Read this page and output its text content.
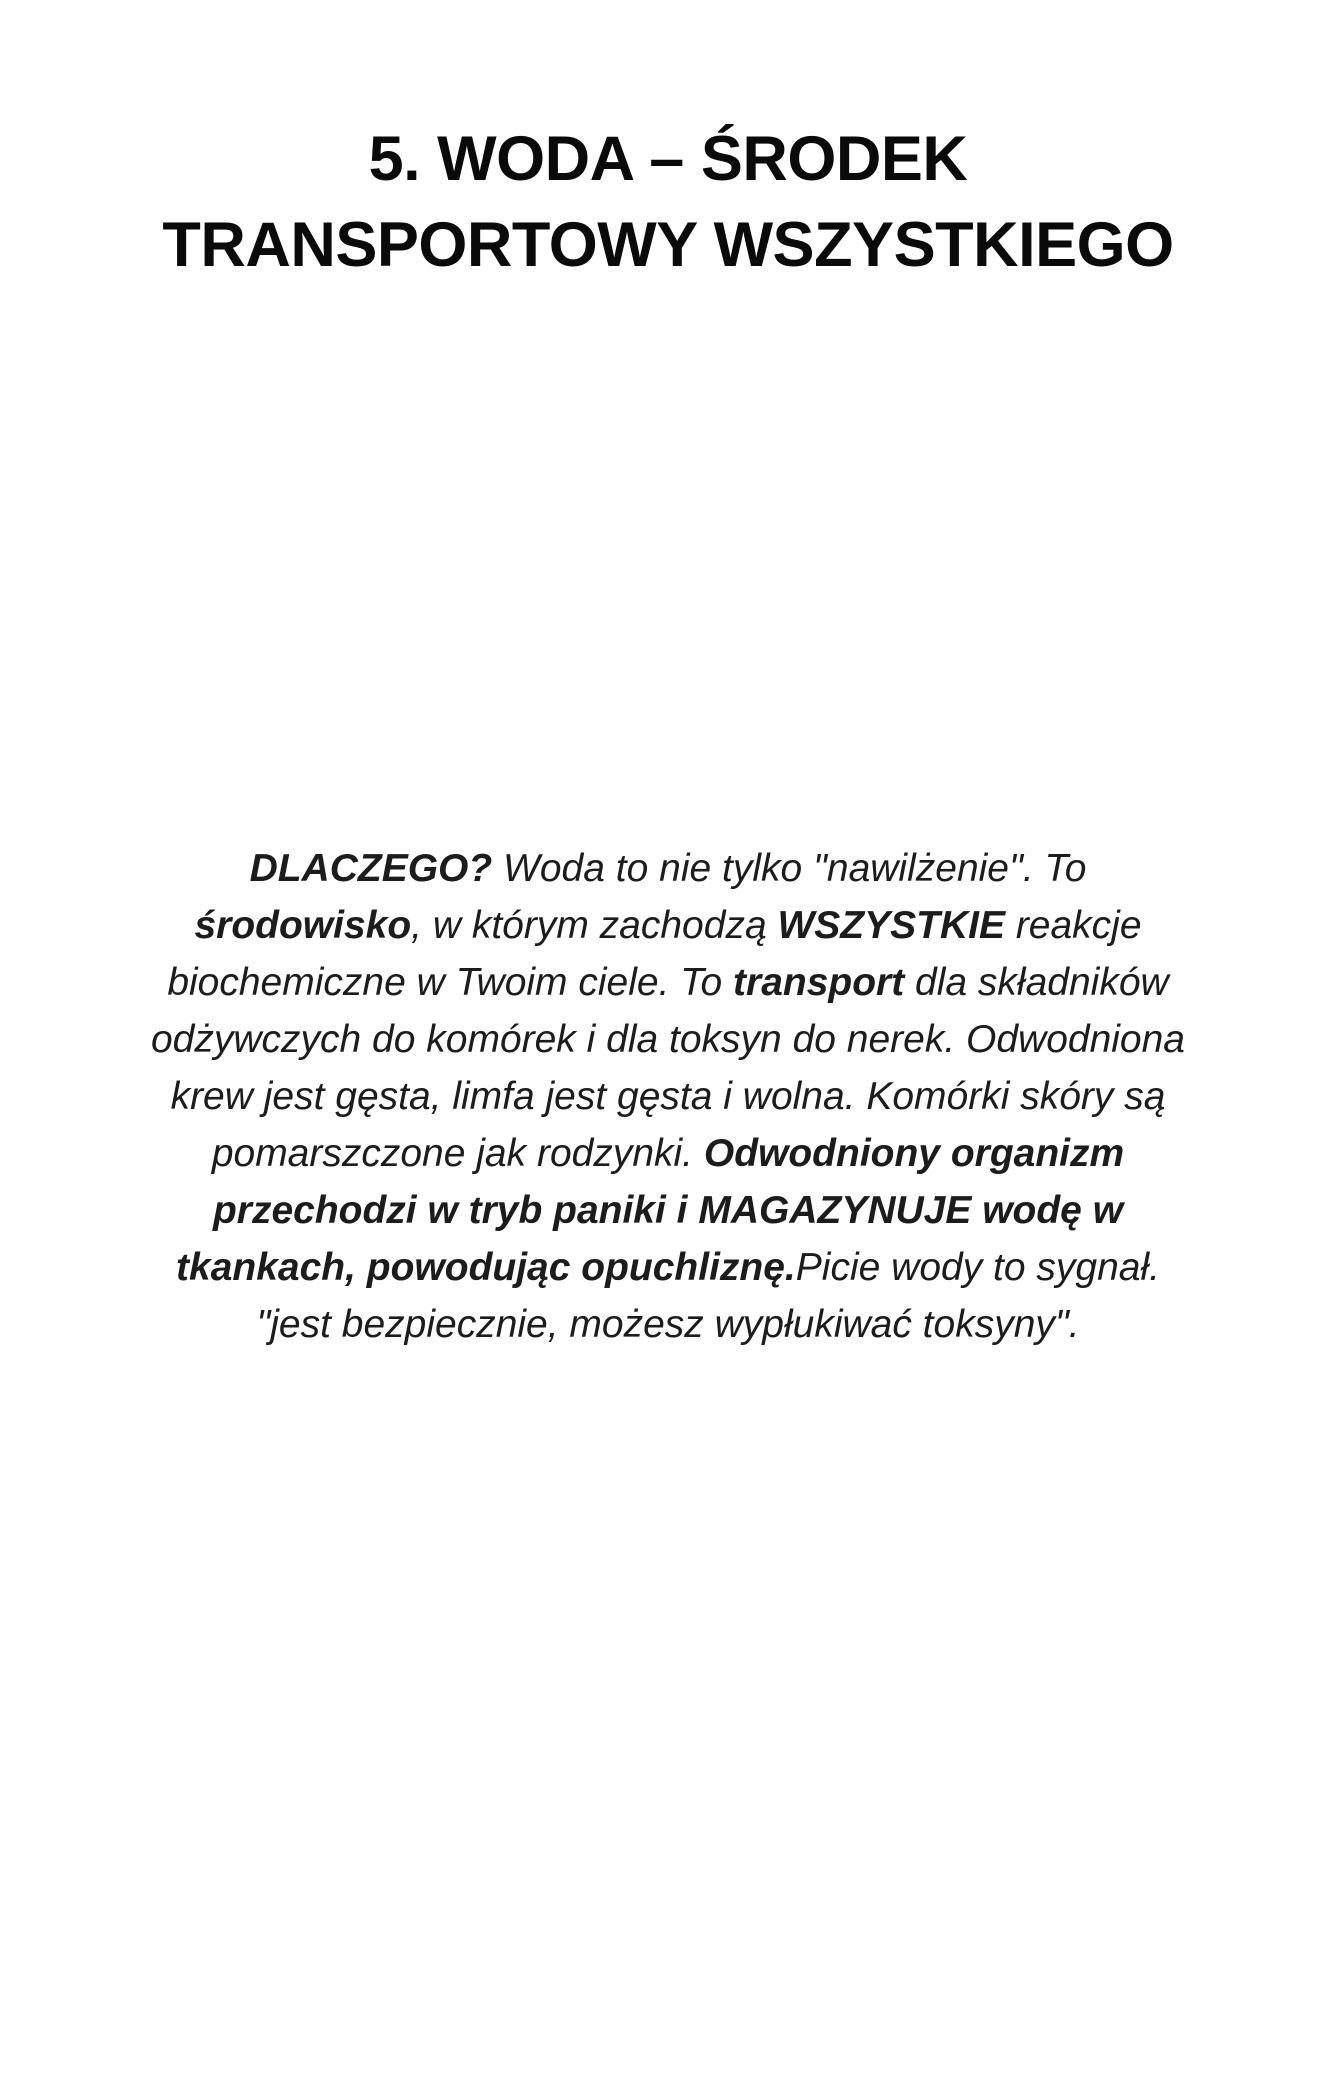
5. WODA – ŚRODEK TRANSPORTOWY WSZYSTKIEGO

DLACZEGO? Woda to nie tylko "nawilżenie". To środowisko, w którym zachodzą WSZYSTKIE reakcje biochemiczne w Twoim ciele. To transport dla składników odżywczych do komórek i dla toksyn do nerek. Odwodniona krew jest gęsta, limfa jest gęsta i wolna. Komórki skóry są pomarszczone jak rodzynki. Odwodniony organizm przechodzi w tryb paniki i MAGAZYNUJE wodę w tkankach, powodując opuchliznę.Picie wody to sygnał. "jest bezpiecznie, możesz wypłukiwać toksyny".
